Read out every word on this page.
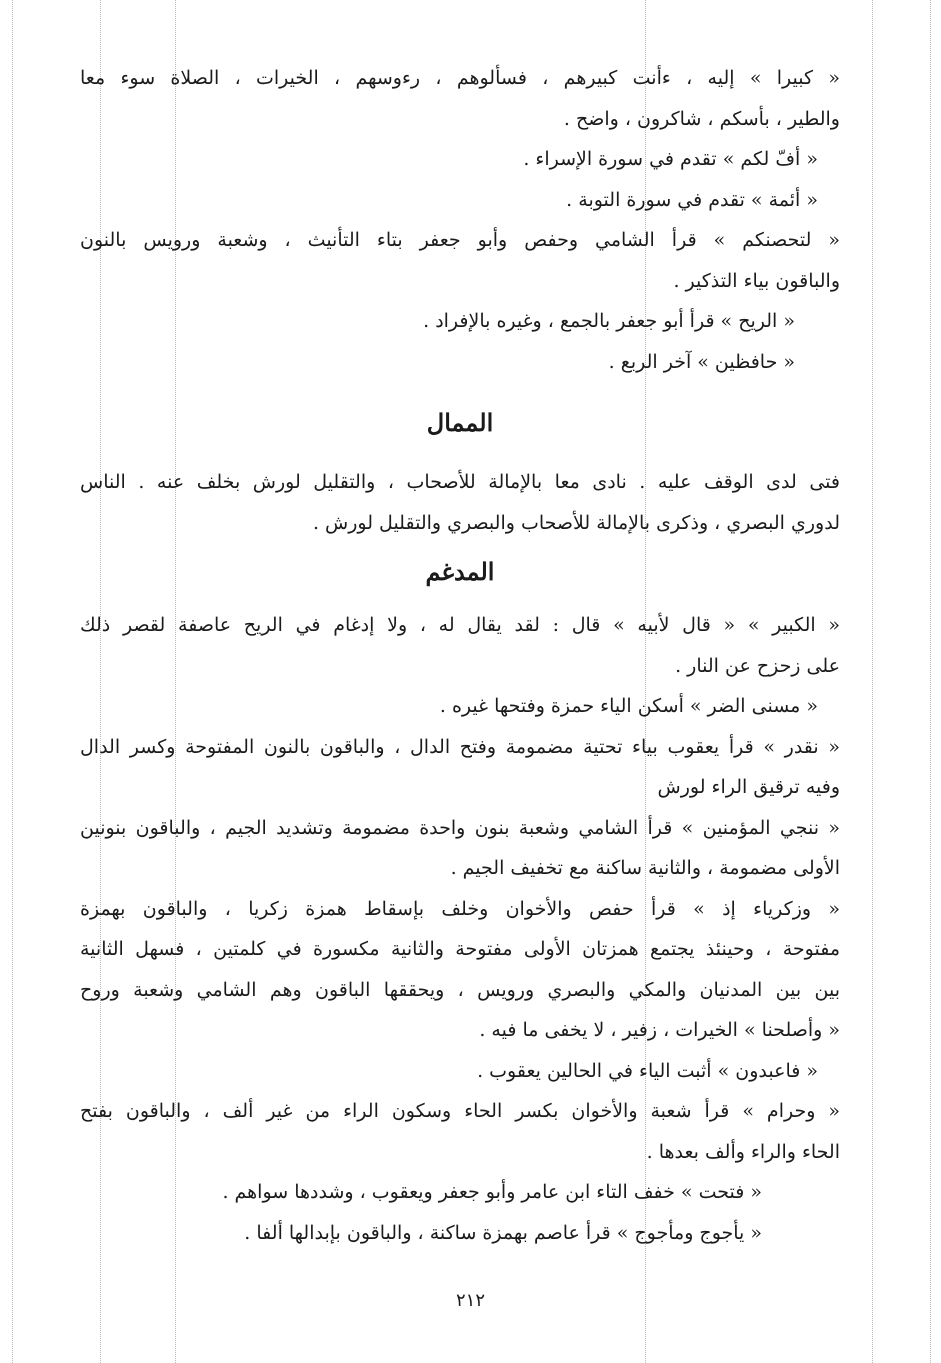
« كبيرا » إليه ، ءأنت كبيرهم ، فسألوهم ، رءوسهم ، الخيرات ، الصلاة سوء معا
والطير ، بأسكم ، شاكرون ، واضح .
« أفّ لكم » تقدم في سورة الإسراء .
« أئمة » تقدم في سورة التوبة .
« لتحصنكم » قرأ الشامي وحفص وأبو جعفر بتاء التأنيث ، وشعبة ورويس بالنون
والباقون بياء التذكير .
« الريح » قرأ أبو جعفر بالجمع ، وغيره بالإفراد .
« حافظين » آخر الربع .
الممال
فتى لدى الوقف عليه . نادى معا بالإمالة للأصحاب ، والتقليل لورش بخلف عنه . الناس
لدوري البصري ، وذكرى بالإمالة للأصحاب والبصري والتقليل لورش .
المدغم
« الكبير » « قال لأبيه » قال : لقد يقال له ، ولا إدغام في الريح عاصفة لقصر ذلك
على زحزح عن النار .
« مسنى الضر » أسكن الياء حمزة وفتحها غيره .
« نقدر » قرأ يعقوب بياء تحتية مضمومة وفتح الدال ، والباقون بالنون المفتوحة وكسر الدال
وفيه ترقيق الراء لورش
« ننجي المؤمنين » قرأ الشامي وشعبة بنون واحدة مضمومة وتشديد الجيم ، والباقون بنونين
الأولى مضمومة ، والثانية ساكنة مع تخفيف الجيم .
« وزكرياء إذ » قرأ حفص والأخوان وخلف بإسقاط همزة زكريا ، والباقون بهمزة
مفتوحة ، وحينئذ يجتمع همزتان الأولى مفتوحة والثانية مكسورة في كلمتين ، فسهل الثانية
بين بين المدنيان والمكي والبصري ورويس ، ويحققها الباقون وهم الشامي وشعبة وروح
« وأصلحنا » الخيرات ، زفير ، لا يخفى ما فيه .
« فاعبدون » أثبت الياء في الحالين يعقوب .
« وحرام » قرأ شعبة والأخوان بكسر الحاء وسكون الراء من غير ألف ، والباقون بفتح
الحاء والراء وألف بعدها .
« فتحت » خفف التاء ابن عامر وأبو جعفر ويعقوب ، وشددها سواهم .
« يأجوج ومأجوج » قرأ عاصم بهمزة ساكنة ، والباقون بإبدالها ألفا .
٢١٢
